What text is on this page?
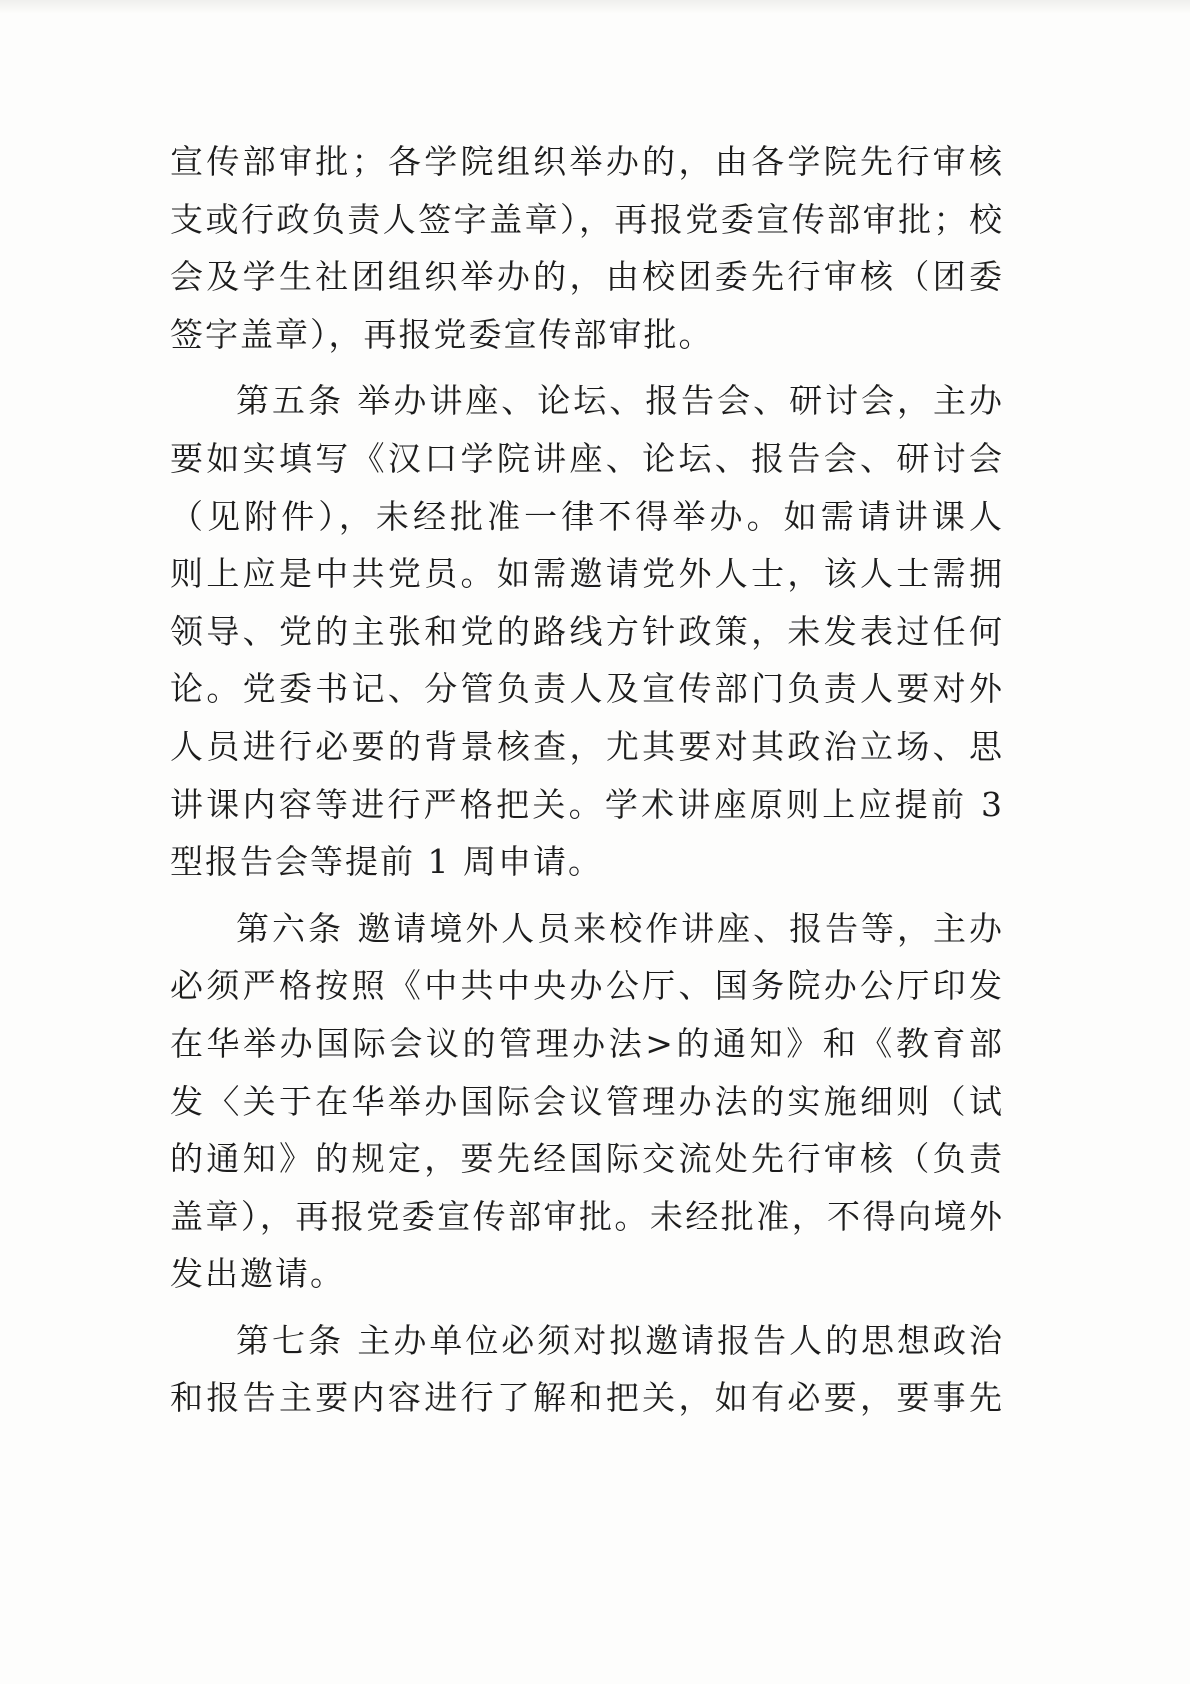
宣传部审批；各学院组织举办的，由各学院先行审核
支或行政负责人签字盖章），再报党委宣传部审批；校
会及学生社团组织举办的，由校团委先行审核（团委
签字盖章），再报党委宣传部审批。
第五条 举办讲座、论坛、报告会、研讨会，主办
要如实填写《汉口学院讲座、论坛、报告会、研讨会
（见附件），未经批准一律不得举办。如需请讲课人
则上应是中共党员。如需邀请党外人士，该人士需拥
领导、党的主张和党的路线方针政策，未发表过任何
论。党委书记、分管负责人及宣传部门负责人要对外
人员进行必要的背景核查，尤其要对其政治立场、思
讲课内容等进行严格把关。学术讲座原则上应提前 3
型报告会等提前 1 周申请。
第六条 邀请境外人员来校作讲座、报告等，主办
必须严格按照《中共中央办公厅、国务院办公厅印发
在华举办国际会议的管理办法>的通知》和《教育部
发〈关于在华举办国际会议管理办法的实施细则（试
的通知》的规定，要先经国际交流处先行审核（负责
盖章），再报党委宣传部审批。未经批准，不得向境外
发出邀请。
第七条 主办单位必须对拟邀请报告人的思想政治
和报告主要内容进行了解和把关，如有必要，要事先
